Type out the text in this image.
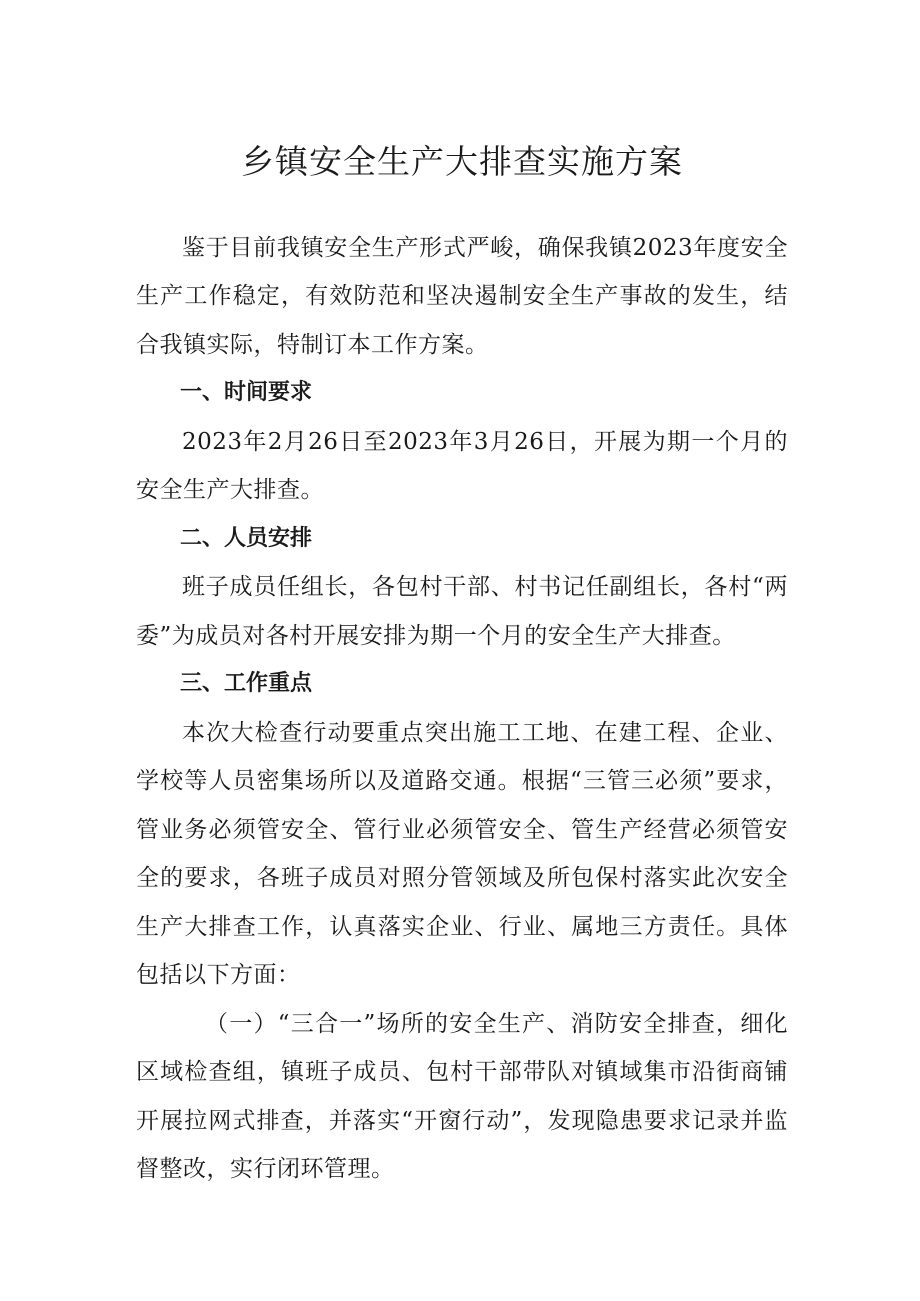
乡镇安全生产大排查实施方案

鉴于目前我镇安全生产形式严峻，确保我镇2023年度安全生产工作稳定，有效防范和坚决遏制安全生产事故的发生，结合我镇实际，特制订本工作方案。

一、时间要求

2023年2月26日至2023年3月26日，开展为期一个月的安全生产大排查。

二、人员安排

班子成员任组长，各包村干部、村书记任副组长，各村“两委”为成员对各村开展安排为期一个月的安全生产大排查。

三、工作重点

本次大检查行动要重点突出施工工地、在建工程、企业、学校等人员密集场所以及道路交通。根据“三管三必须”要求，管业务必须管安全、管行业必须管安全、管生产经营必须管安全的要求，各班子成员对照分管领域及所包保村落实此次安全生产大排查工作，认真落实企业、行业、属地三方责任。具体包括以下方面：

（一）“三合一”场所的安全生产、消防安全排查，细化区域检查组，镇班子成员、包村干部带队对镇域集市沿街商铺开展拉网式排查，并落实“开窗行动”，发现隐患要求记录并监督整改，实行闭环管理。
